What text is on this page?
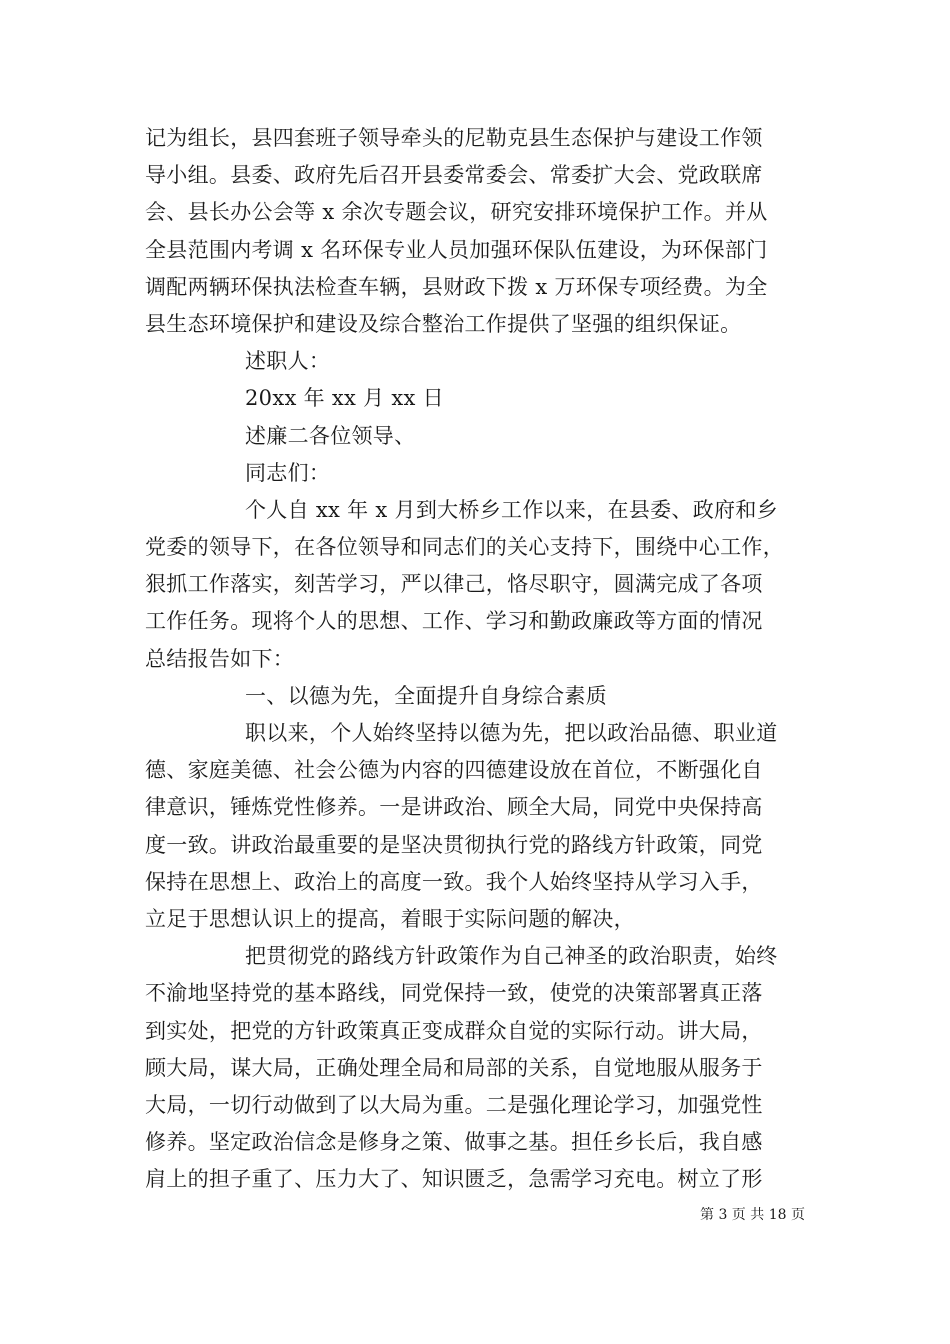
记为组长，县四套班子领导牵头的尼勒克县生态保护与建设工作领
导小组。县委、政府先后召开县委常委会、常委扩大会、党政联席
会、县长办公会等 x 余次专题会议，研究安排环境保护工作。并从
全县范围内考调 x 名环保专业人员加强环保队伍建设，为环保部门
调配两辆环保执法检查车辆，县财政下拨 x 万环保专项经费。为全
县生态环境保护和建设及综合整治工作提供了坚强的组织保证。
述职人：
20xx 年 xx 月 xx 日
述廉二各位领导、
同志们：
个人自 xx 年 x 月到大桥乡工作以来，在县委、政府和乡
党委的领导下，在各位领导和同志们的关心支持下，围绕中心工作，
狠抓工作落实，刻苦学习，严以律己，恪尽职守，圆满完成了各项
工作任务。现将个人的思想、工作、学习和勤政廉政等方面的情况
总结报告如下：
一、以德为先，全面提升自身综合素质
职以来，个人始终坚持以德为先，把以政治品德、职业道
德、家庭美德、社会公德为内容的四德建设放在首位，不断强化自
律意识，锤炼党性修养。一是讲政治、顾全大局，同党中央保持高
度一致。讲政治最重要的是坚决贯彻执行党的路线方针政策，同党
保持在思想上、政治上的高度一致。我个人始终坚持从学习入手，
立足于思想认识上的提高，着眼于实际问题的解决，
把贯彻党的路线方针政策作为自己神圣的政治职责，始终
不渝地坚持党的基本路线，同党保持一致，使党的决策部署真正落
到实处，把党的方针政策真正变成群众自觉的实际行动。讲大局，
顾大局，谋大局，正确处理全局和局部的关系，自觉地服从服务于
大局，一切行动做到了以大局为重。二是强化理论学习，加强党性
修养。坚定政治信念是修身之策、做事之基。担任乡长后，我自感
肩上的担子重了、压力大了、知识匮乏，急需学习充电。树立了形
第 3 页 共 18 页
